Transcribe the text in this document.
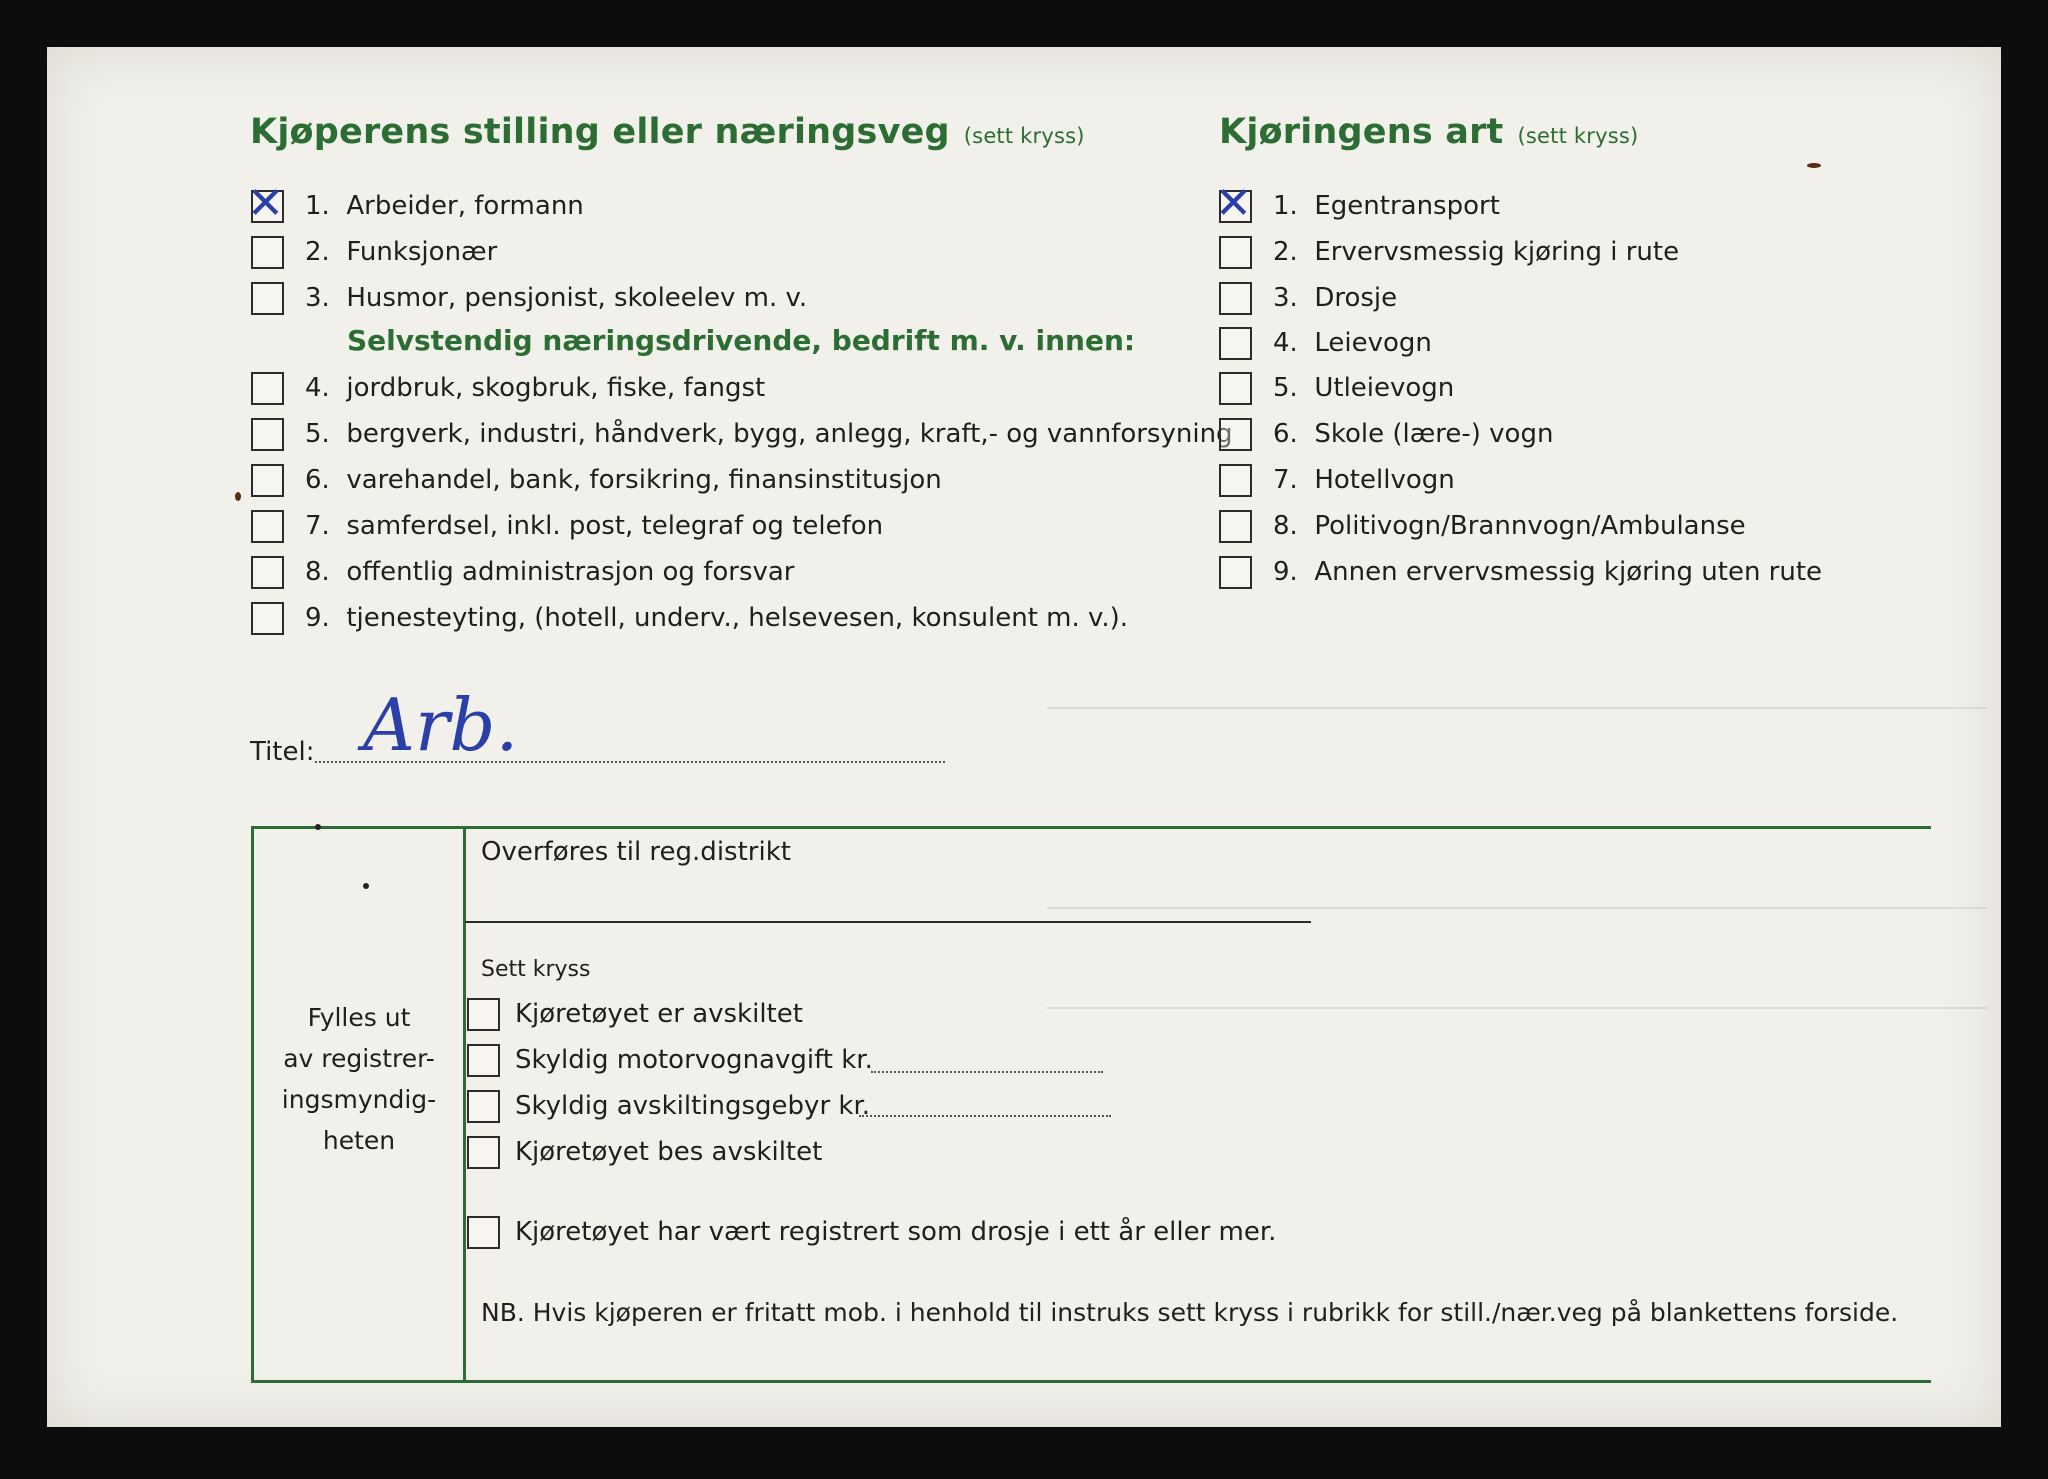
Kjøperens stilling eller næringsveg (sett kryss)
✕ 1. Arbeider, formann
2. Funksjonær
3. Husmor, pensjonist, skoleelev m. v.
Selvstendig næringsdrivende, bedrift m. v. innen:
4. jordbruk, skogbruk, fiske, fangst
5. bergverk, industri, håndverk, bygg, anlegg, kraft,- og vannforsyning
6. varehandel, bank, forsikring, finansinstitusjon
7. samferdsel, inkl. post, telegraf og telefon
8. offentlig administrasjon og forsvar
9. tjenesteyting, (hotell, underv., helsevesen, konsulent m. v.).
Titel: Arb.
Kjøringens art (sett kryss)
✕ 1. Egentransport
2. Ervervsmessig kjøring i rute
3. Drosje
4. Leievogn
5. Utleievogn
6. Skole (lære-) vogn
7. Hotellvogn
8. Politivogn/Brannvogn/Ambulanse
9. Annen ervervsmessig kjøring uten rute
Fylles ut
av registrer-
ingsmyndig-
heten
Overføres til reg.distrikt
Sett kryss
Kjøretøyet er avskiltet
Skyldig motorvognavgift kr.
Skyldig avskiltingsgebyr kr.
Kjøretøyet bes avskiltet
Kjøretøyet har vært registrert som drosje i ett år eller mer.
NB. Hvis kjøperen er fritatt mob. i henhold til instruks sett kryss i rubrikk for still./nær.veg på blankettens forside.
